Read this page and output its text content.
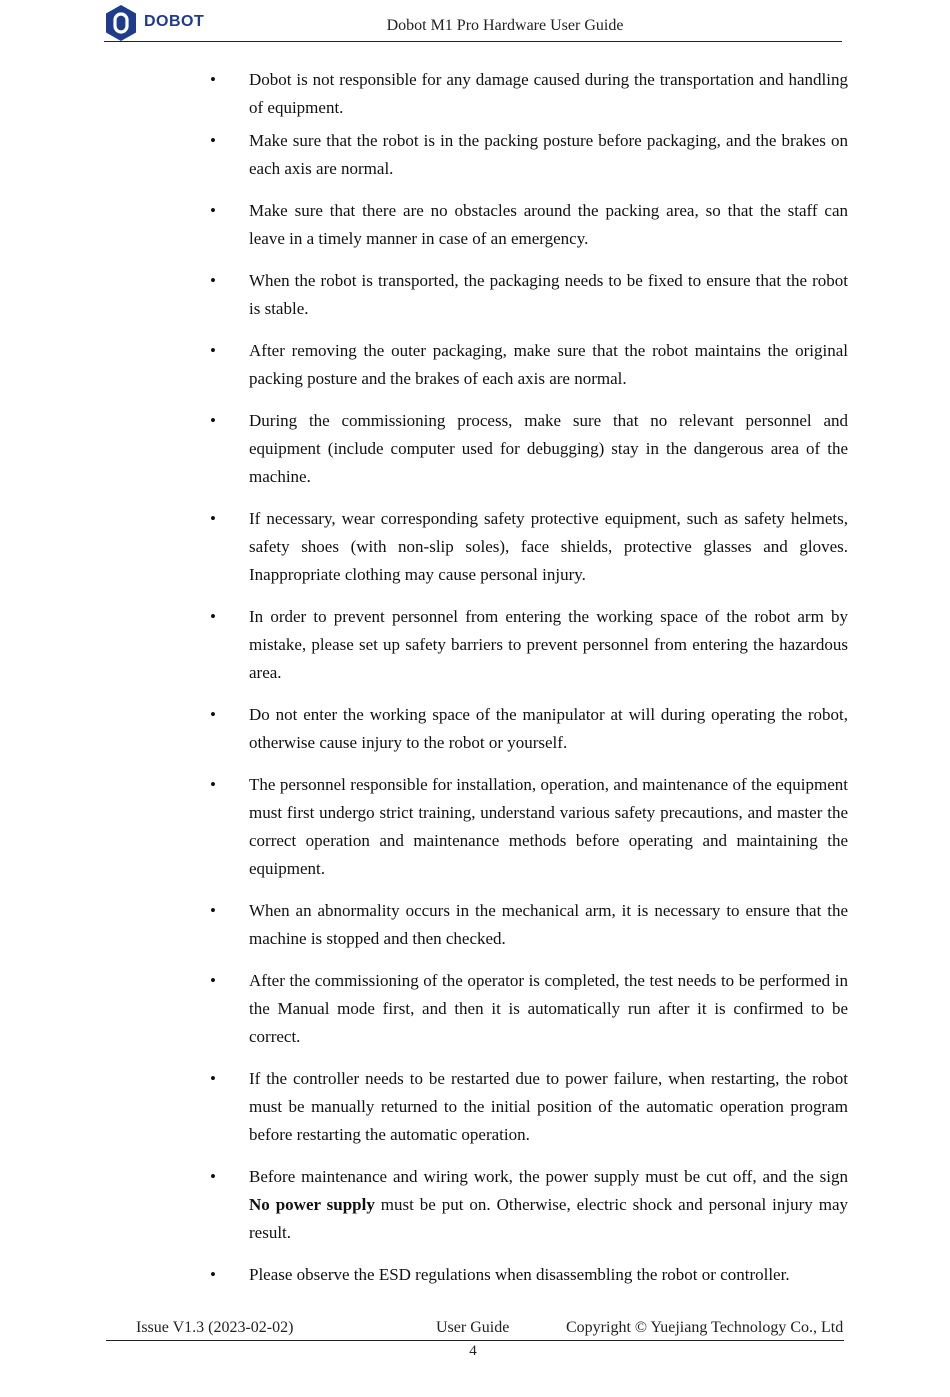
DOBOT	Dobot M1 Pro Hardware User Guide
• Dobot is not responsible for any damage caused during the transportation and handling of equipment.
• Make sure that the robot is in the packing posture before packaging, and the brakes on each axis are normal.
• Make sure that there are no obstacles around the packing area, so that the staff can leave in a timely manner in case of an emergency.
• When the robot is transported, the packaging needs to be fixed to ensure that the robot is stable.
• After removing the outer packaging, make sure that the robot maintains the original packing posture and the brakes of each axis are normal.
• During the commissioning process, make sure that no relevant personnel and equipment (include computer used for debugging) stay in the dangerous area of the machine.
• If necessary, wear corresponding safety protective equipment, such as safety helmets, safety shoes (with non-slip soles), face shields, protective glasses and gloves. Inappropriate clothing may cause personal injury.
• In order to prevent personnel from entering the working space of the robot arm by mistake, please set up safety barriers to prevent personnel from entering the hazardous area.
• Do not enter the working space of the manipulator at will during operating the robot, otherwise cause injury to the robot or yourself.
• The personnel responsible for installation, operation, and maintenance of the equipment must first undergo strict training, understand various safety precautions, and master the correct operation and maintenance methods before operating and maintaining the equipment.
• When an abnormality occurs in the mechanical arm, it is necessary to ensure that the machine is stopped and then checked.
• After the commissioning of the operator is completed, the test needs to be performed in the Manual mode first, and then it is automatically run after it is confirmed to be correct.
• If the controller needs to be restarted due to power failure, when restarting, the robot must be manually returned to the initial position of the automatic operation program before restarting the automatic operation.
• Before maintenance and wiring work, the power supply must be cut off, and the sign No power supply must be put on. Otherwise, electric shock and personal injury may result.
• Please observe the ESD regulations when disassembling the robot or controller.
Issue V1.3 (2023-02-02)	User Guide	Copyright © Yuejiang Technology Co., Ltd
4
